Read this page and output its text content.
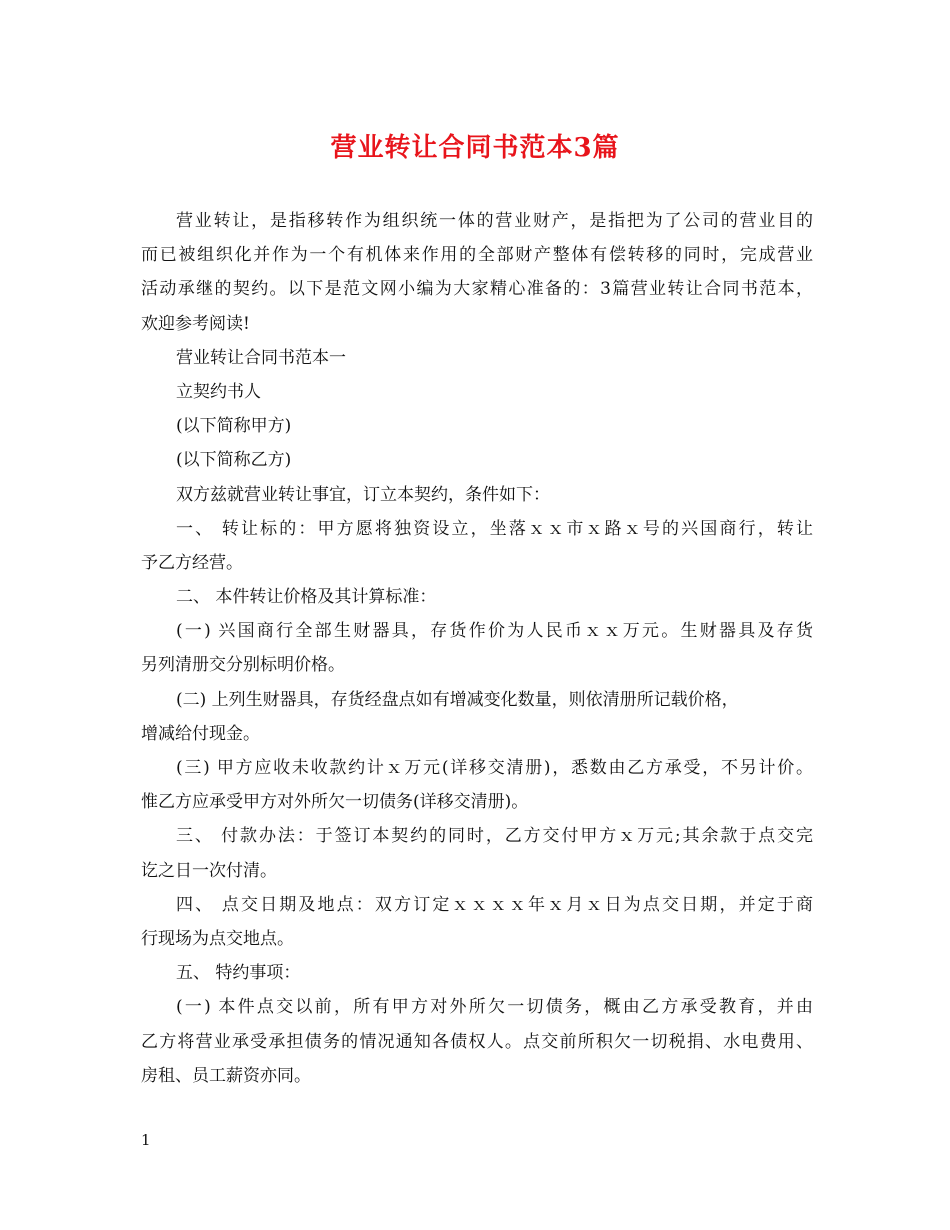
营业转让合同书范本3篇
营业转让，是指移转作为组织统一体的营业财产，是指把为了公司的营业目的
而已被组织化并作为一个有机体来作用的全部财产整体有偿转移的同时，完成营业
活动承继的契约。以下是范文网小编为大家精心准备的：3篇营业转让合同书范本，
欢迎参考阅读!
营业转让合同书范本一
立契约书人
(以下简称甲方)
(以下简称乙方)
双方兹就营业转让事宜，订立本契约，条件如下：
一、 转让标的：甲方愿将独资设立，坐落ｘｘ市ｘ路ｘ号的兴国商行，转让
予乙方经营。
二、 本件转让价格及其计算标准：
(一) 兴国商行全部生财器具，存货作价为人民币ｘｘ万元。生财器具及存货
另列清册交分别标明价格。
(二) 上列生财器具，存货经盘点如有增减变化数量，则依清册所记载价格，
增减给付现金。
(三) 甲方应收未收款约计ｘ万元(详移交清册)，悉数由乙方承受，不另计价。
惟乙方应承受甲方对外所欠一切债务(详移交清册)。
三、 付款办法：于签订本契约的同时，乙方交付甲方ｘ万元;其余款于点交完
讫之日一次付清。
四、 点交日期及地点：双方订定ｘｘｘｘ年ｘ月ｘ日为点交日期，并定于商
行现场为点交地点。
五、 特约事项：
(一) 本件点交以前，所有甲方对外所欠一切债务，概由乙方承受教育，并由
乙方将营业承受承担债务的情况通知各债权人。点交前所积欠一切税捐、水电费用、
房租、员工薪资亦同。
1
